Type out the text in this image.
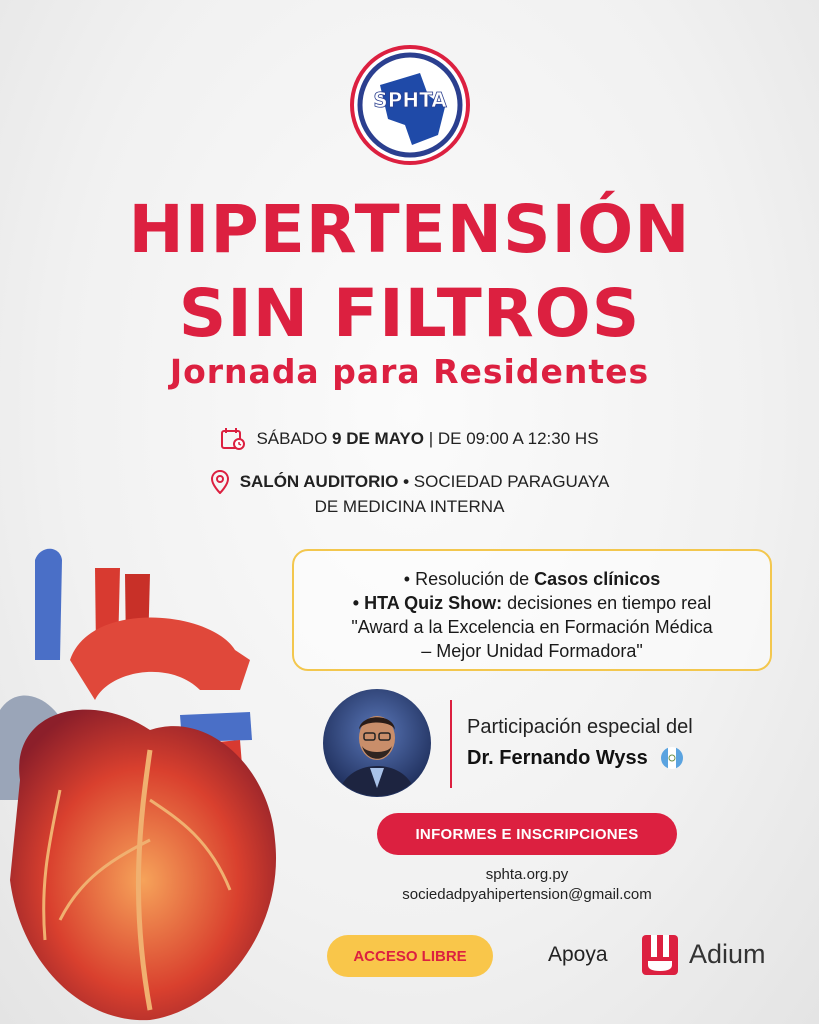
SPHTA
HIPERTENSIÓN
SIN FILTROS
Jornada para Residentes
SÁBADO 9 DE MAYO | DE 09:00 A 12:30 HS
SALÓN AUDITORIO • SOCIEDAD PARAGUAYA
DE MEDICINA INTERNA
• Resolución de Casos clínicos
• HTA Quiz Show: decisiones en tiempo real
"Award a la Excelencia en Formación Médica
– Mejor Unidad Formadora"
Participación especial del
Dr. Fernando Wyss
INFORMES E INSCRIPCIONES
sphta.org.py
sociedadpyahipertension@gmail.com
ACCESO LIBRE	Apoya	Adium
